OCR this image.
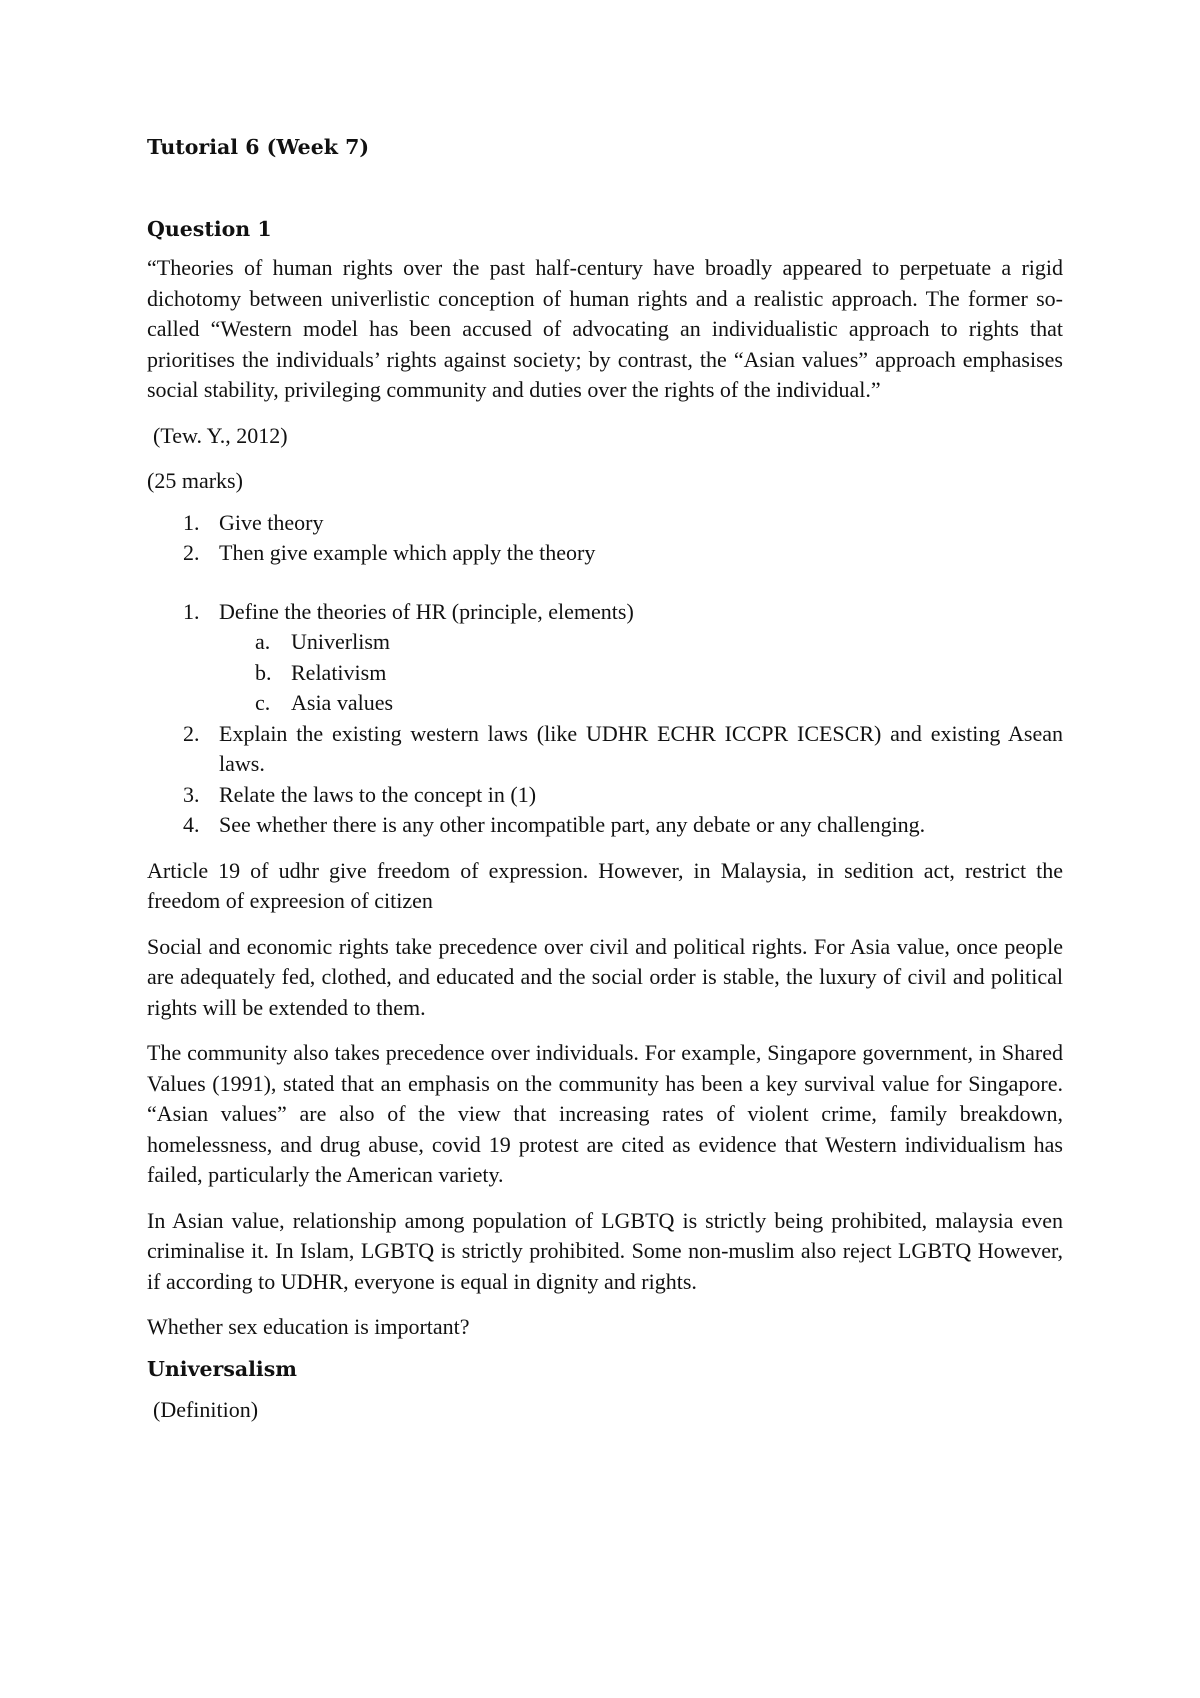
Tutorial 6 (Week 7)

Question 1

“Theories of human rights over the past half-century have broadly appeared to perpetuate a rigid dichotomy between univerlistic conception of human rights and a realistic approach. The former so-called “Western model has been accused of advocating an individualistic approach to rights that prioritises the individuals’ rights against society; by contrast, the “Asian values” approach emphasises social stability, privileging community and duties over the rights of the individual.”

(Tew. Y., 2012)

(25 marks)

1. Give theory
2. Then give example which apply the theory
1. Define the theories of HR (principle, elements)
a. Univerlism
b. Relativism
c. Asia values
2. Explain the existing western laws (like UDHR ECHR ICCPR ICESCR) and existing Asean laws.
3. Relate the laws to the concept in (1)
4. See whether there is any other incompatible part, any debate or any challenging.

Article 19 of udhr give freedom of expression. However, in Malaysia, in sedition act, restrict the freedom of expreesion of citizen

Social and economic rights take precedence over civil and political rights. For Asia value, once people are adequately fed, clothed, and educated and the social order is stable, the luxury of civil and political rights will be extended to them.

The community also takes precedence over individuals. For example, Singapore government, in Shared Values (1991), stated that an emphasis on the community has been a key survival value for Singapore. “Asian values” are also of the view that increasing rates of violent crime, family breakdown, homelessness, and drug abuse, covid 19 protest are cited as evidence that Western individualism has failed, particularly the American variety.

In Asian value, relationship among population of LGBTQ is strictly being prohibited, malaysia even criminalise it. In Islam, LGBTQ is strictly prohibited. Some non-muslim also reject LGBTQ However, if according to UDHR, everyone is equal in dignity and rights.

Whether sex education is important?

Universalism

(Definition)
